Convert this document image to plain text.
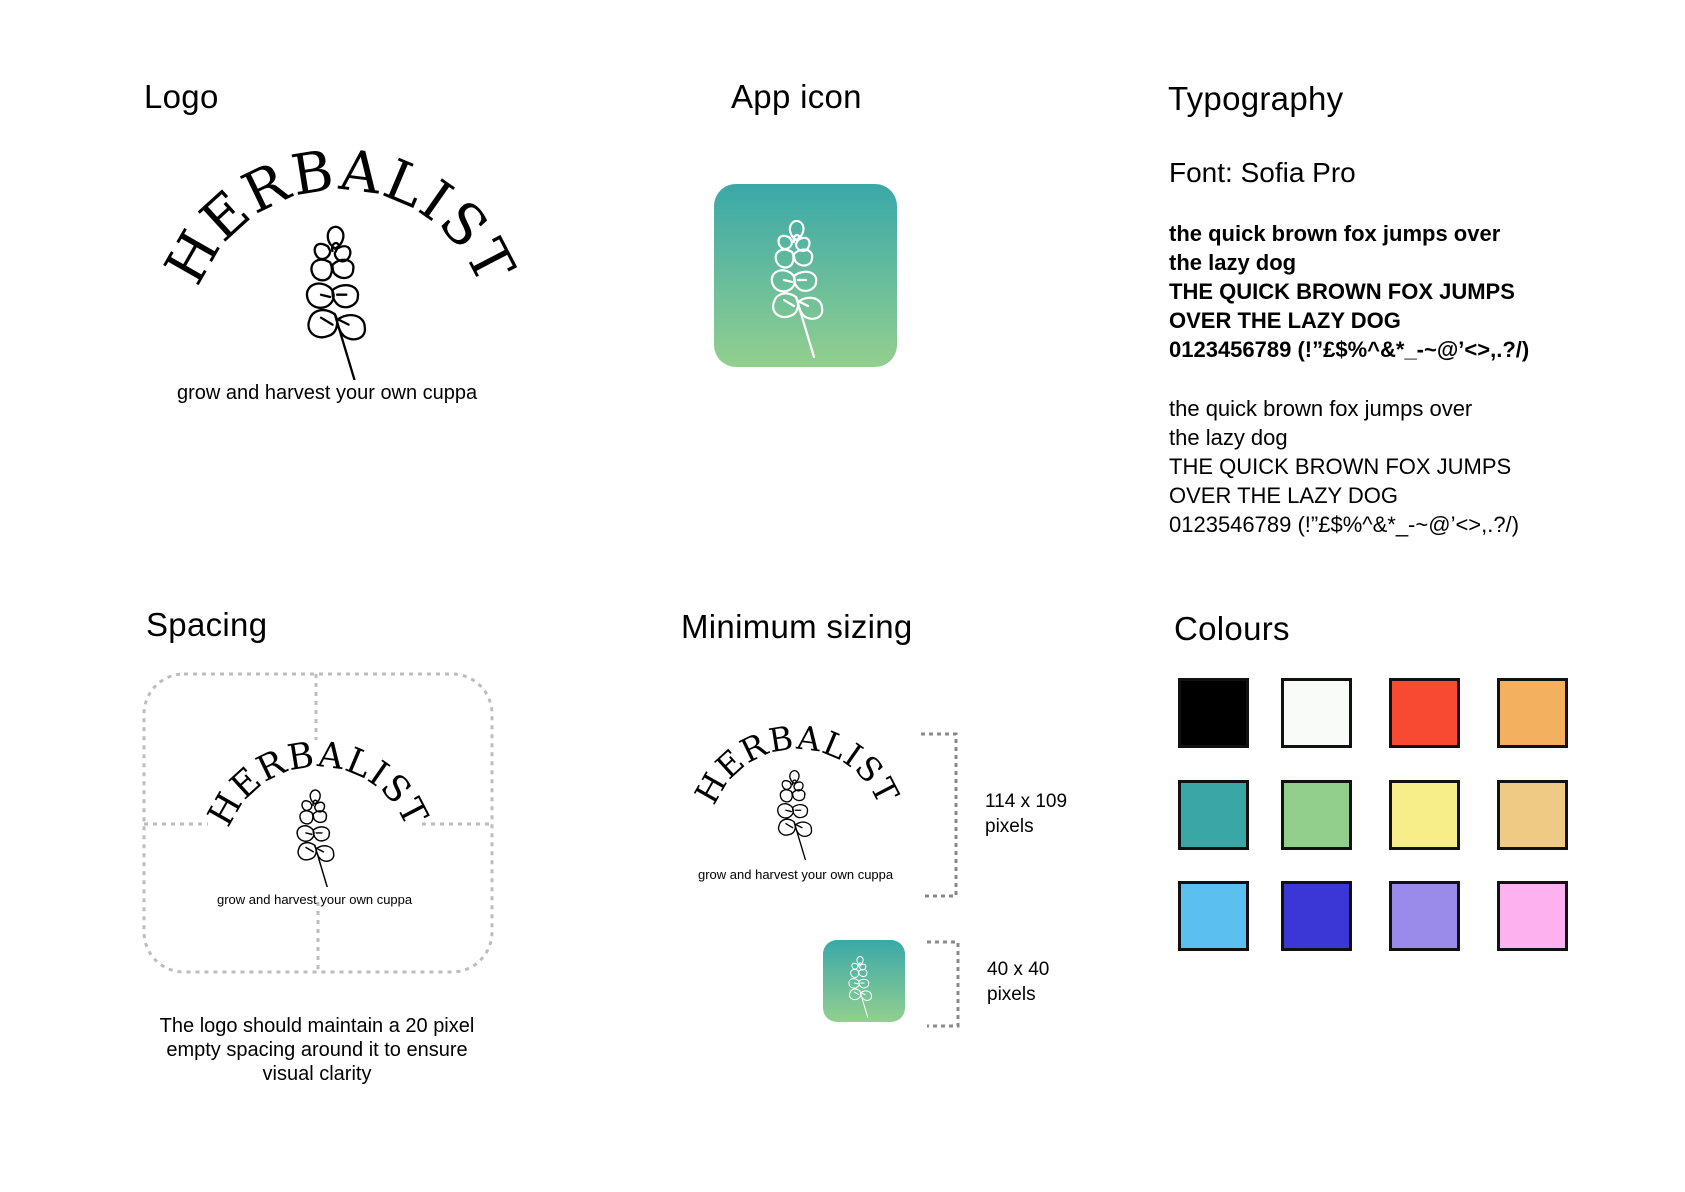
Logo
HERBALIST
grow and harvest your own cuppa
App icon	Typography
Font: Sofia Pro
the quick brown fox jumps over
the lazy dog
THE QUICK BROWN FOX JUMPS
OVER THE LAZY DOG
0123456789 (!”£$%^&*_-~@’<>,.?/)
the quick brown fox jumps over
the lazy dog
THE QUICK BROWN FOX JUMPS
OVER THE LAZY DOG
0123546789 (!”£$%^&*_-~@’<>,.?/)
Spacing
HERBALIST
grow and harvest your own cuppa
The logo should maintain a 20 pixel empty spacing around it to ensure visual clarity
Minimum sizing
HERBALIST
grow and harvest your own cuppa
114 x 109
pixels
40 x 40
pixels
Colours
